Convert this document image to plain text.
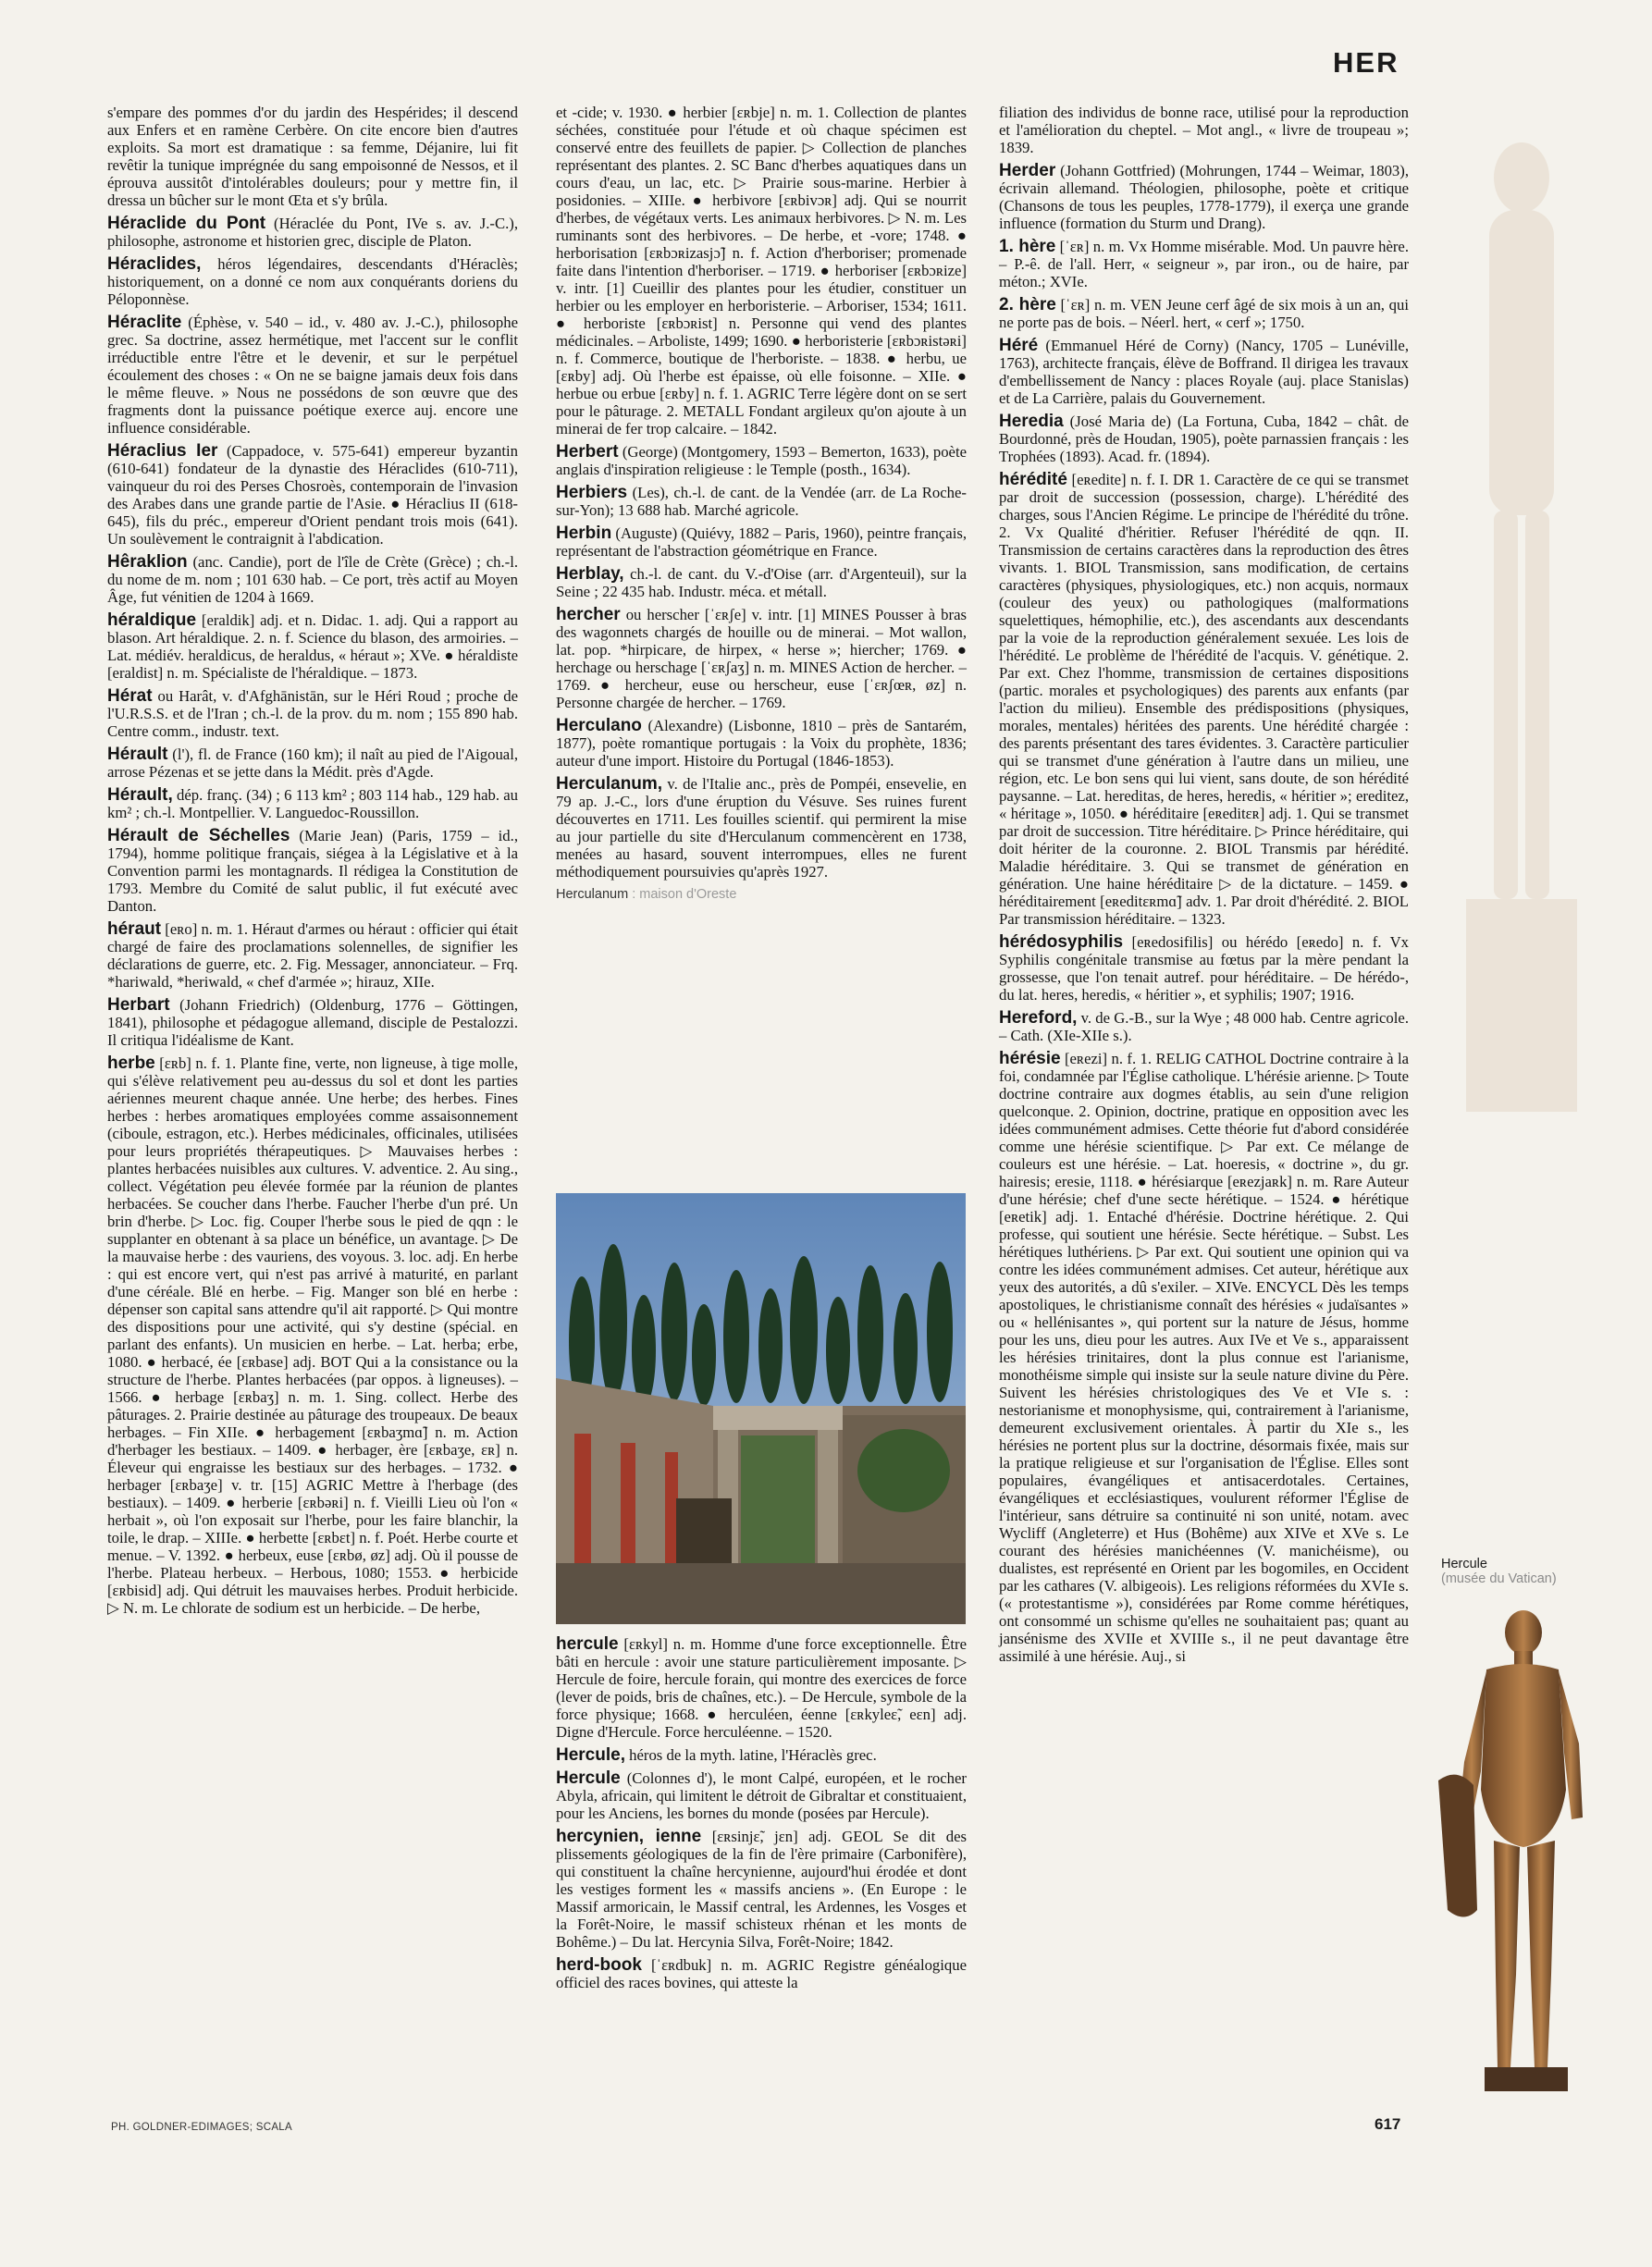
HER
s'empare des pommes d'or du jardin des Hespérides; il descend aux Enfers et en ramène Cerbère. On cite encore bien d'autres exploits. Sa mort est dramatique : sa femme, Déjanire, lui fit revêtir la tunique imprégnée du sang empoisonné de Nessos, et il éprouva aussitôt d'intolérables douleurs; pour y mettre fin, il dressa un bûcher sur le mont Œta et s'y brûla.
Héraclide du Pont (Héraclée du Pont, IVe s. av. J.-C.), philosophe, astronome et historien grec, disciple de Platon.
Héraclides, héros légendaires, descendants d'Héraclès; historiquement, on a donné ce nom aux conquérants doriens du Péloponnèse.
Héraclite (Éphèse, v. 540 – id., v. 480 av. J.-C.), philosophe grec. Sa doctrine, assez hermétique, met l'accent sur le conflit irréductible entre l'être et le devenir, et sur le perpétuel écoulement des choses : « On ne se baigne jamais deux fois dans le même fleuve. » Nous ne possédons de son œuvre que des fragments dont la puissance poétique exerce auj. encore une influence considérable.
Héraclius Ier (Cappadoce, v. 575-641) empereur byzantin (610-641) fondateur de la dynastie des Héraclides (610-711), vainqueur du roi des Perses Chosroès, contemporain de l'invasion des Arabes dans une grande partie de l'Asie. ● Héraclius II (618-645), fils du préc., empereur d'Orient pendant trois mois (641). Un soulèvement le contraignit à l'abdication.
Hêraklion (anc. Candie), port de l'île de Crète (Grèce) ; ch.-l. du nome de m. nom ; 101 630 hab. – Ce port, très actif au Moyen Âge, fut vénitien de 1204 à 1669.
héraldique [eraldik] adj. et n. Didac. 1. adj. Qui a rapport au blason. Art héraldique. 2. n. f. Science du blason, des armoiries. – Lat. médiév. heraldicus, de heraldus, « héraut »; XVe. ● héraldiste [eraldist] n. m. Spécialiste de l'héraldique. – 1873.
Hérat ou Harât, v. d'Afghānistān, sur le Héri Roud ; proche de l'U.R.S.S. et de l'Iran ; ch.-l. de la prov. du m. nom ; 155 890 hab. Centre comm., industr. text.
Hérault (l'), fl. de France (160 km); il naît au pied de l'Aigoual, arrose Pézenas et se jette dans la Médit. près d'Agde.
Hérault, dép. franç. (34) ; 6 113 km² ; 803 114 hab., 129 hab. au km² ; ch.-l. Montpellier. V. Languedoc-Roussillon.
Hérault de Séchelles (Marie Jean) (Paris, 1759 – id., 1794), homme politique français, siégea à la Législative et à la Convention parmi les montagnards. Il rédigea la Constitution de 1793. Membre du Comité de salut public, il fut exécuté avec Danton.
héraut [eʀo] n. m. 1. Héraut d'armes ou héraut : officier qui était chargé de faire des proclamations solennelles, de signifier les déclarations de guerre, etc. 2. Fig. Messager, annonciateur. – Frq. *hariwald, *heriwald, « chef d'armée »; hirauz, XIIe.
Herbart (Johann Friedrich) (Oldenburg, 1776 – Göttingen, 1841), philosophe et pédagogue allemand, disciple de Pestalozzi. Il critiqua l'idéalisme de Kant.
herbe [ɛʀb] n. f. 1. Plante fine, verte, non ligneuse, à tige molle, qui s'élève relativement peu au-dessus du sol et dont les parties aériennes meurent chaque année. Une herbe; des herbes. Fines herbes : herbes aromatiques employées comme assaisonnement (ciboule, estragon, etc.). Herbes médicinales, officinales, utilisées pour leurs propriétés thérapeutiques. ▷ Mauvaises herbes : plantes herbacées nuisibles aux cultures. V. adventice. 2. Au sing., collect. Végétation peu élevée formée par la réunion de plantes herbacées. Se coucher dans l'herbe. Faucher l'herbe d'un pré. Un brin d'herbe. ▷ Loc. fig. Couper l'herbe sous le pied de qqn : le supplanter en obtenant à sa place un bénéfice, un avantage. ▷ De la mauvaise herbe : des vauriens, des voyous. 3. loc. adj. En herbe : qui est encore vert, qui n'est pas arrivé à maturité, en parlant d'une céréale. Blé en herbe. – Fig. Manger son blé en herbe : dépenser son capital sans attendre qu'il ait rapporté. ▷ Qui montre des dispositions pour une activité, qui s'y destine (spécial. en parlant des enfants). Un musicien en herbe. – Lat. herba; erbe, 1080. ● herbacé, ée [ɛʀbase] adj. BOT Qui a la consistance ou la structure de l'herbe. Plantes herbacées (par oppos. à ligneuses). – 1566. ● herbage [ɛʀbaʒ] n. m. 1. Sing. collect. Herbe des pâturages. 2. Prairie destinée au pâturage des troupeaux. De beaux herbages. – Fin XIIe. ● herbagement [ɛʀbaʒmɑ̃] n. m. Action d'herbager les bestiaux. – 1409. ● herbager, ère [ɛʀbaʒe, ɛʀ] n. Éleveur qui engraisse les bestiaux sur des herbages. – 1732. ● herbager [ɛʀbaʒe] v. tr. [15] AGRIC Mettre à l'herbage (des bestiaux). – 1409. ● herberie [ɛʀbəʀi] n. f. Vieilli Lieu où l'on « herbait », où l'on exposait sur l'herbe, pour les faire blanchir, la toile, le drap. – XIIIe. ● herbette [ɛʀbɛt] n. f. Poét. Herbe courte et menue. – V. 1392. ● herbeux, euse [ɛʀbø, øz] adj. Où il pousse de l'herbe. Plateau herbeux. – Herbous, 1080; 1553. ● herbicide [ɛʀbisid] adj. Qui détruit les mauvaises herbes. Produit herbicide. ▷ N. m. Le chlorate de sodium est un herbicide. – De herbe,
et -cide; v. 1930. ● herbier [ɛʀbje] n. m. 1. Collection de plantes séchées, constituée pour l'étude et où chaque spécimen est conservé entre des feuillets de papier. ▷ Collection de planches représentant des plantes. 2. SC Banc d'herbes aquatiques dans un cours d'eau, un lac, etc. ▷ Prairie sous-marine. Herbier à posidonies. – XIIIe. ● herbivore [ɛʀbivɔʀ] adj. Qui se nourrit d'herbes, de végétaux verts. Les animaux herbivores. ▷ N. m. Les ruminants sont des herbivores. – De herbe, et -vore; 1748. ● herborisation [ɛʀbɔʀizasjɔ̃] n. f. Action d'herboriser; promenade faite dans l'intention d'herboriser. – 1719. ● herboriser [ɛʀbɔʀize] v. intr. [1] Cueillir des plantes pour les étudier, constituer un herbier ou les employer en herboristerie. – Arboriser, 1534; 1611. ● herboriste [ɛʀbɔʀist] n. Personne qui vend des plantes médicinales. – Arboliste, 1499; 1690. ● herboristerie [ɛʀbɔʀistəʀi] n. f. Commerce, boutique de l'herboriste. – 1838. ● herbu, ue [ɛʀby] adj. Où l'herbe est épaisse, où elle foisonne. – XIIe. ● herbue ou erbue [ɛʀby] n. f. 1. AGRIC Terre légère dont on se sert pour le pâturage. 2. METALL Fondant argileux qu'on ajoute à un minerai de fer trop calcaire. – 1842.
Herbert (George) (Montgomery, 1593 – Bemerton, 1633), poète anglais d'inspiration religieuse : le Temple (posth., 1634).
Herbiers (Les), ch.-l. de cant. de la Vendée (arr. de La Roche-sur-Yon); 13 688 hab. Marché agricole.
Herbin (Auguste) (Quiévy, 1882 – Paris, 1960), peintre français, représentant de l'abstraction géométrique en France.
Herblay, ch.-l. de cant. du V.-d'Oise (arr. d'Argenteuil), sur la Seine ; 22 435 hab. Industr. méca. et métall.
hercher ou herscher [ˈɛʀʃe] v. intr. [1] MINES Pousser à bras des wagonnets chargés de houille ou de minerai. – Mot wallon, lat. pop. *hirpicare, de hirpex, « herse »; hiercher; 1769. ● herchage ou herschage [ˈɛʀʃaʒ] n. m. MINES Action de hercher. – 1769. ● hercheur, euse ou herscheur, euse [ˈɛʀʃœʀ, øz] n. Personne chargée de hercher. – 1769.
Herculano (Alexandre) (Lisbonne, 1810 – près de Santarém, 1877), poète romantique portugais : la Voix du prophète, 1836; auteur d'une import. Histoire du Portugal (1846-1853).
Herculanum, v. de l'Italie anc., près de Pompéi, ensevelie, en 79 ap. J.-C., lors d'une éruption du Vésuve. Ses ruines furent découvertes en 1711. Les fouilles scientif. qui permirent la mise au jour partielle du site d'Herculanum commencèrent en 1738, menées au hasard, souvent interrompues, elles ne furent méthodiquement poursuivies qu'après 1927.
Herculanum : maison d'Oreste
hercule [ɛʀkyl] n. m. Homme d'une force exceptionnelle. Être bâti en hercule : avoir une stature particulièrement imposante. ▷ Hercule de foire, hercule forain, qui montre des exercices de force (lever de poids, bris de chaînes, etc.). – De Hercule, symbole de la force physique; 1668. ● herculéen, éenne [ɛʀkyleɛ̃, eɛn] adj. Digne d'Hercule. Force herculéenne. – 1520.
Hercule, héros de la myth. latine, l'Héraclès grec.
Hercule (Colonnes d'), le mont Calpé, européen, et le rocher Abyla, africain, qui limitent le détroit de Gibraltar et constituaient, pour les Anciens, les bornes du monde (posées par Hercule).
hercynien, ienne [ɛʀsinjɛ̃, jɛn] adj. GEOL Se dit des plissements géologiques de la fin de l'ère primaire (Carbonifère), qui constituent la chaîne hercynienne, aujourd'hui érodée et dont les vestiges forment les « massifs anciens ». (En Europe : le Massif armoricain, le Massif central, les Ardennes, les Vosges et la Forêt-Noire, le massif schisteux rhénan et les monts de Bohême.) – Du lat. Hercynia Silva, Forêt-Noire; 1842.
herd-book [ˈɛʀdbuk] n. m. AGRIC Registre généalogique officiel des races bovines, qui atteste la
filiation des individus de bonne race, utilisé pour la reproduction et l'amélioration du cheptel. – Mot angl., « livre de troupeau »; 1839.
Herder (Johann Gottfried) (Mohrungen, 1744 – Weimar, 1803), écrivain allemand. Théologien, philosophe, poète et critique (Chansons de tous les peuples, 1778-1779), il exerça une grande influence (formation du Sturm und Drang).
1. hère [ˈɛʀ] n. m. Vx Homme misérable. Mod. Un pauvre hère. – P.-ê. de l'all. Herr, « seigneur », par iron., ou de haire, par méton.; XVIe.
2. hère [ˈɛʀ] n. m. VEN Jeune cerf âgé de six mois à un an, qui ne porte pas de bois. – Néerl. hert, « cerf »; 1750.
Héré (Emmanuel Héré de Corny) (Nancy, 1705 – Lunéville, 1763), architecte français, élève de Boffrand. Il dirigea les travaux d'embellissement de Nancy : places Royale (auj. place Stanislas) et de La Carrière, palais du Gouvernement.
Heredia (José Maria de) (La Fortuna, Cuba, 1842 – chât. de Bourdonné, près de Houdan, 1905), poète parnassien français : les Trophées (1893). Acad. fr. (1894).
hérédité [eʀedite] n. f. I. DR 1. Caractère de ce qui se transmet par droit de succession (possession, charge). L'hérédité des charges, sous l'Ancien Régime. Le principe de l'hérédité du trône. 2. Vx Qualité d'héritier. Refuser l'hérédité de qqn. II. Transmission de certains caractères dans la reproduction des êtres vivants. 1. BIOL Transmission, sans modification, de certains caractères (physiques, physiologiques, etc.) non acquis, normaux (couleur des yeux) ou pathologiques (malformations squelettiques, hémophilie, etc.), des ascendants aux descendants par la voie de la reproduction généralement sexuée. Les lois de l'hérédité. Le problème de l'hérédité de l'acquis. V. génétique. 2. Par ext. Chez l'homme, transmission de certaines dispositions (partic. morales et psychologiques) des parents aux enfants (par l'action du milieu). Ensemble des prédispositions (physiques, morales, mentales) héritées des parents. Une hérédité chargée : des parents présentant des tares évidentes. 3. Caractère particulier qui se transmet d'une génération à l'autre dans un milieu, une région, etc. Le bon sens qui lui vient, sans doute, de son hérédité paysanne. – Lat. hereditas, de heres, heredis, « héritier »; ereditez, « héritage », 1050. ● héréditaire [eʀeditɛʀ] adj. 1. Qui se transmet par droit de succession. Titre héréditaire. ▷ Prince héréditaire, qui doit hériter de la couronne. 2. BIOL Transmis par hérédité. Maladie héréditaire. 3. Qui se transmet de génération en génération. Une haine héréditaire ▷ de la dictature. – 1459. ● héréditairement [eʀeditɛʀmɑ̃] adv. 1. Par droit d'hérédité. 2. BIOL Par transmission héréditaire. – 1323.
hérédosyphilis [eʀedosifilis] ou hérédo [eʀedo] n. f. Vx Syphilis congénitale transmise au fœtus par la mère pendant la grossesse, que l'on tenait autref. pour héréditaire. – De hérédo-, du lat. heres, heredis, « héritier », et syphilis; 1907; 1916.
Hereford, v. de G.-B., sur la Wye ; 48 000 hab. Centre agricole. – Cath. (XIe-XIIe s.).
hérésie [eʀezi] n. f. 1. RELIG CATHOL Doctrine contraire à la foi, condamnée par l'Église catholique. L'hérésie arienne. ▷ Toute doctrine contraire aux dogmes établis, au sein d'une religion quelconque. 2. Opinion, doctrine, pratique en opposition avec les idées communément admises. Cette théorie fut d'abord considérée comme une hérésie scientifique. ▷ Par ext. Ce mélange de couleurs est une hérésie. – Lat. hoeresis, « doctrine », du gr. hairesis; eresie, 1118. ● hérésiarque [eʀezjaʀk] n. m. Rare Auteur d'une hérésie; chef d'une secte hérétique. – 1524. ● hérétique [eʀetik] adj. 1. Entaché d'hérésie. Doctrine hérétique. 2. Qui professe, qui soutient une hérésie. Secte hérétique. – Subst. Les hérétiques luthériens. ▷ Par ext. Qui soutient une opinion qui va contre les idées communément admises. Cet auteur, hérétique aux yeux des autorités, a dû s'exiler. – XIVe. ENCYCL Dès les temps apostoliques, le christianisme connaît des hérésies « judaïsantes » ou « hellénisantes », qui portent sur la nature de Jésus, homme pour les uns, dieu pour les autres. Aux IVe et Ve s., apparaissent les hérésies trinitaires, dont la plus connue est l'arianisme, monothéisme simple qui insiste sur la seule nature divine du Père. Suivent les hérésies christologiques des Ve et VIe s. : nestorianisme et monophysisme, qui, contrairement à l'arianisme, demeurent exclusivement orientales. À partir du XIe s., les hérésies ne portent plus sur la doctrine, désormais fixée, mais sur la pratique religieuse et sur l'organisation de l'Église. Elles sont populaires, évangéliques et antisacerdotales. Certaines, évangéliques et ecclésiastiques, voulurent réformer l'Église de l'intérieur, sans détruire sa continuité ni son unité, notam. avec Wycliff (Angleterre) et Hus (Bohême) aux XIVe et XVe s. Le courant des hérésies manichéennes (V. manichéisme), ou dualistes, est représenté en Orient par les bogomiles, en Occident par les cathares (V. albigeois). Les religions réformées du XVIe s. (« protestantisme »), considérées par Rome comme hérétiques, ont consommé un schisme qu'elles ne souhaitaient pas; quant au jansénisme des XVIIe et XVIIIe s., il ne peut davantage être assimilé à une hérésie. Auj., si
Hercule
(musée du Vatican)
PH. GOLDNER-EDIMAGES; SCALA	617
